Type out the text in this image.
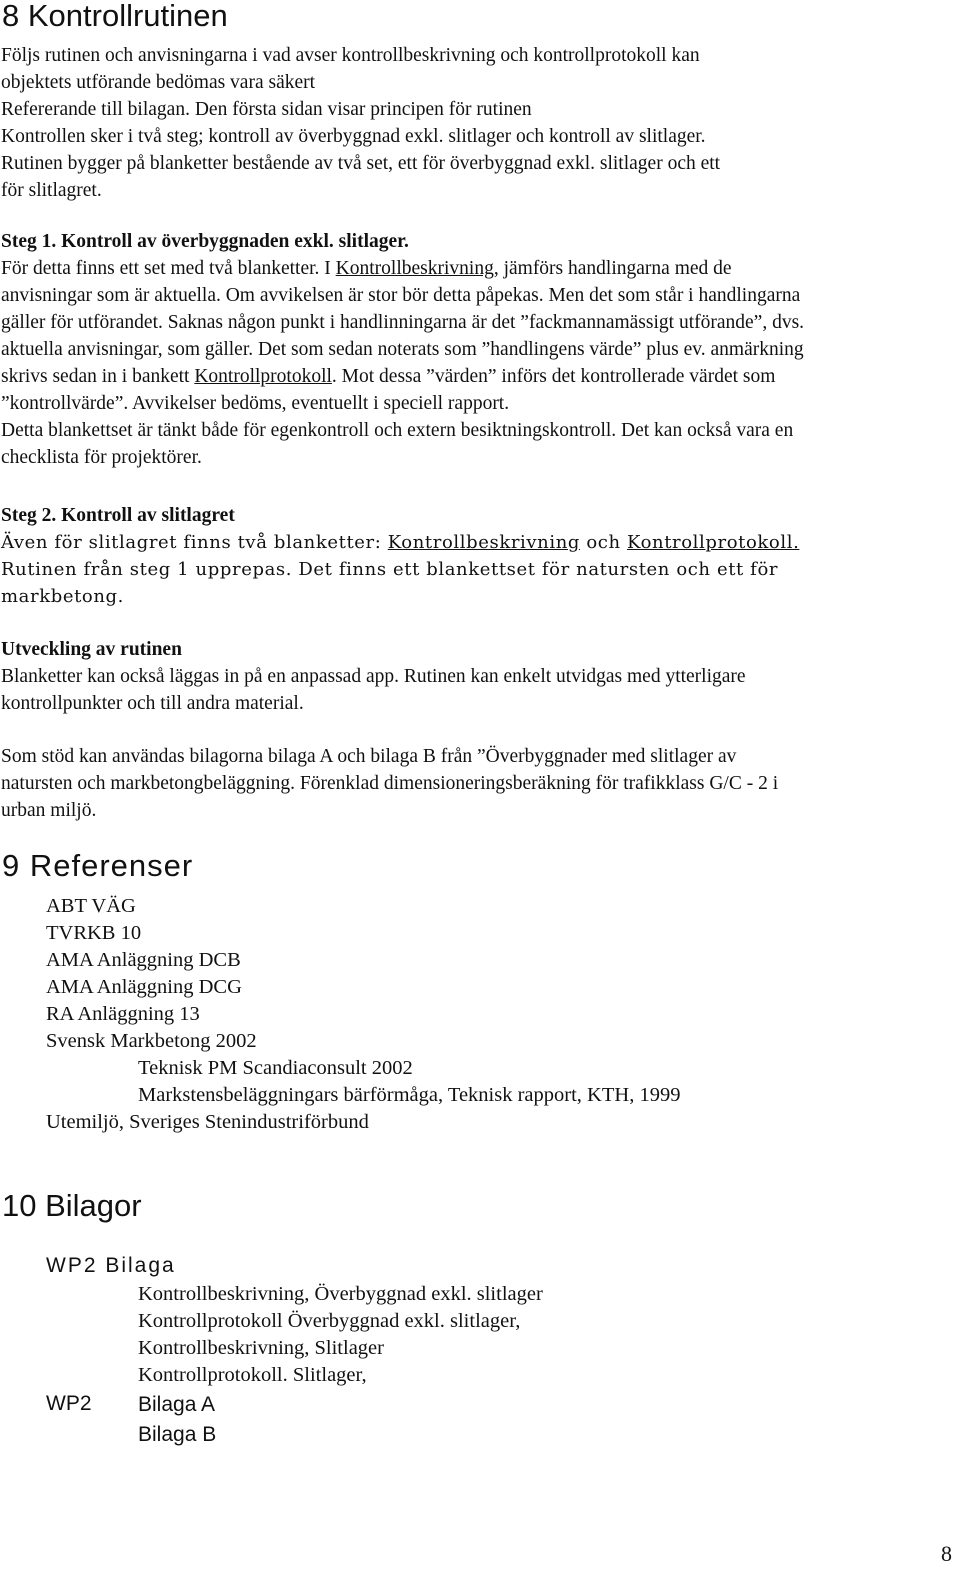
8 Kontrollrutinen

Följs rutinen och anvisningarna i vad avser kontrollbeskrivning och kontrollprotokoll kan

objektets utförande bedömas vara säkert

Refererande till bilagan. Den första sidan visar principen för rutinen

Kontrollen sker i två steg; kontroll av överbyggnad exkl. slitlager och kontroll av slitlager.

Rutinen bygger på blanketter bestående av två set, ett för överbyggnad exkl. slitlager och ett

för slitlagret.

Steg 1. Kontroll av överbyggnaden exkl. slitlager.

För detta finns ett set med två blanketter. I Kontrollbeskrivning, jämförs handlingarna med de

anvisningar som är aktuella. Om avvikelsen är stor bör detta påpekas. Men det som står i handlingarna

gäller för utförandet. Saknas någon punkt i handlinningarna är det ”fackmannamässigt utförande”, dvs.

aktuella anvisningar, som gäller. Det som sedan noterats som ”handlingens värde” plus ev. anmärkning

skrivs sedan in i bankett Kontrollprotokoll. Mot dessa ”värden” införs det kontrollerade värdet som

”kontrollvärde”. Avvikelser bedöms, eventuellt i speciell rapport.

Detta blankettset är tänkt både för egenkontroll och extern besiktningskontroll. Det kan också vara en

checklista för projektörer.

Steg 2. Kontroll av slitlagret

Även för slitlagret finns två blanketter: Kontrollbeskrivning och Kontrollprotokoll.

Rutinen från steg 1 upprepas. Det finns ett blankettset för natursten och ett för

markbetong.

Utveckling av rutinen

Blanketter kan också läggas in på en anpassad app. Rutinen kan enkelt utvidgas med ytterligare

kontrollpunkter och till andra material.

Som stöd kan användas bilagorna bilaga A och bilaga B från ”Överbyggnader med slitlager av

natursten och markbetongbeläggning. Förenklad dimensioneringsberäkning för trafikklass G/C - 2 i

urban miljö.

9 Referenser

ABT VÄG

TVRKB 10

AMA Anläggning DCB

AMA Anläggning DCG

RA Anläggning 13

Svensk Markbetong 2002

Teknisk PM Scandiaconsult 2002

Markstensbeläggningars bärförmåga, Teknisk rapport, KTH, 1999

Utemiljö, Sveriges Stenindustriförbund

10 Bilagor
WP2 Bilaga

Kontrollbeskrivning, Överbyggnad exkl. slitlager

Kontrollprotokoll Överbyggnad exkl. slitlager,

Kontrollbeskrivning, Slitlager

Kontrollprotokoll. Slitlager,

WP2 Bilaga A

Bilaga B

8
